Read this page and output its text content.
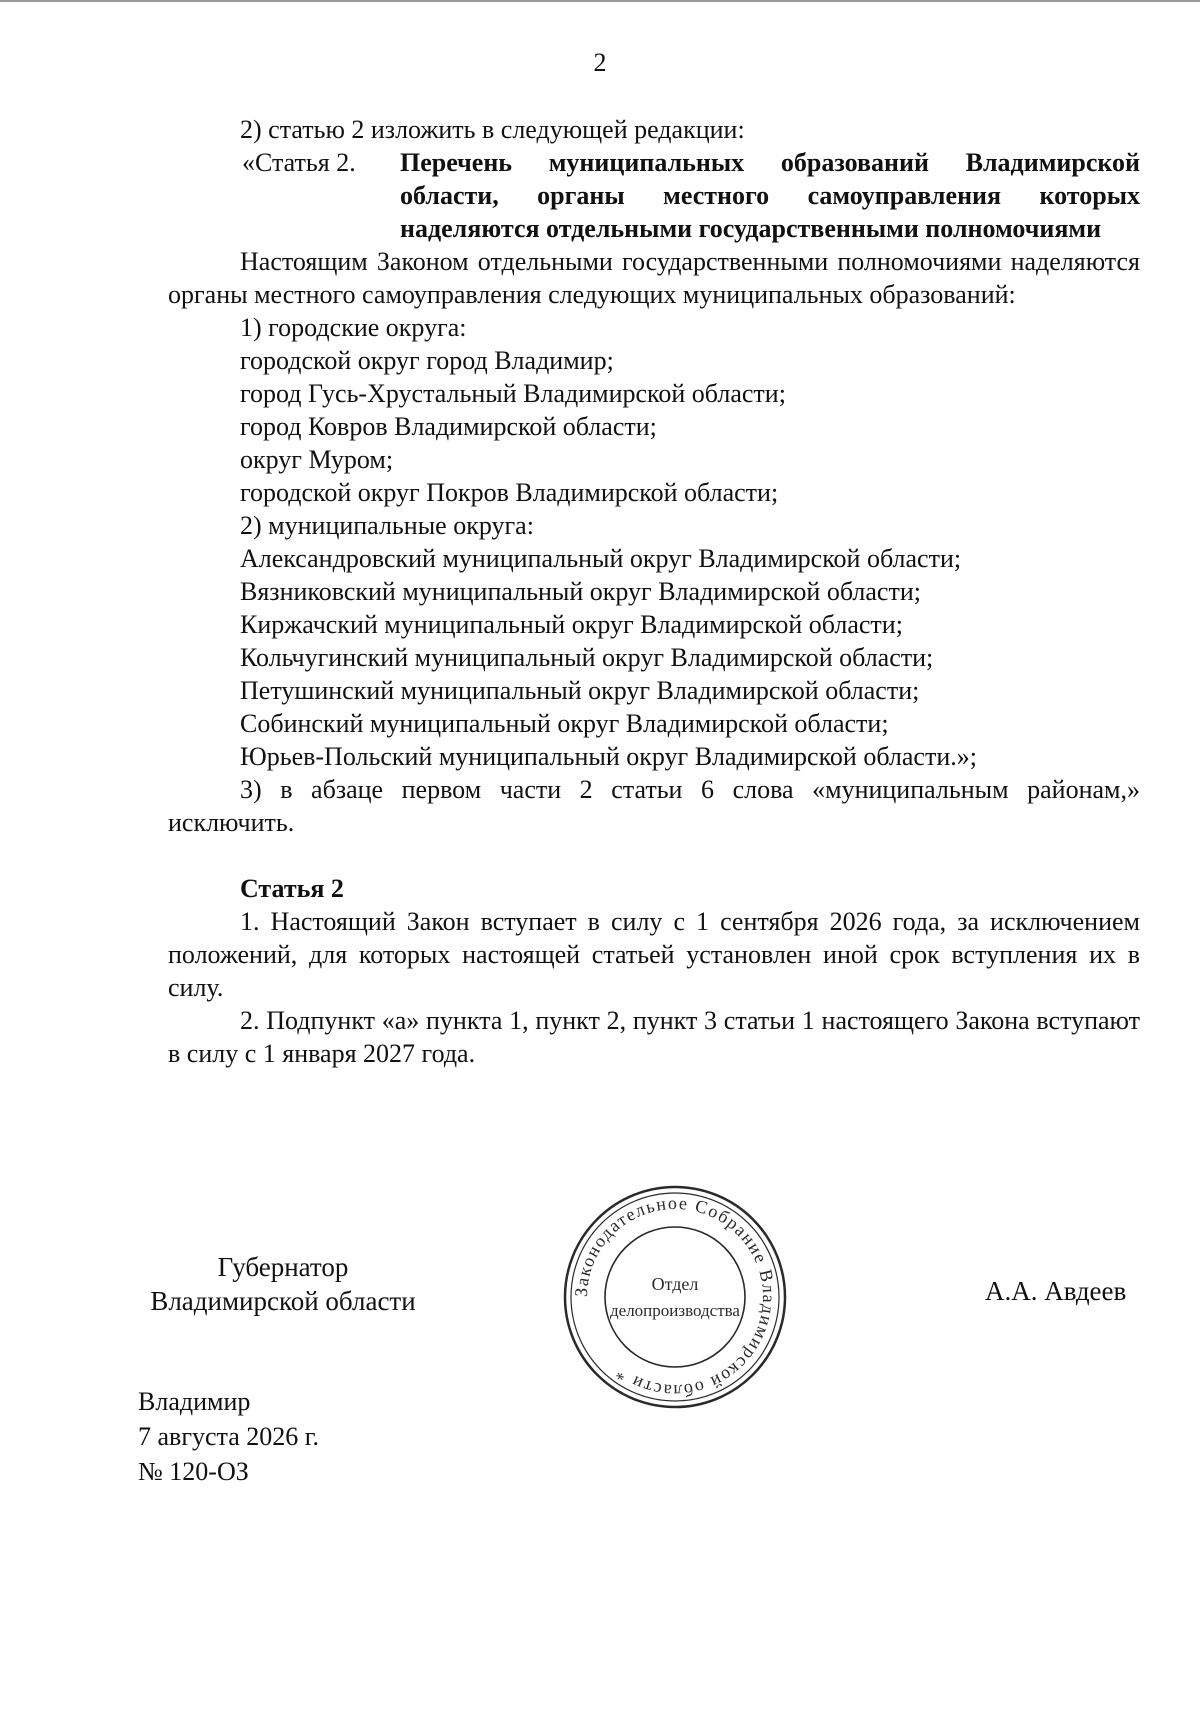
2

2) статью 2 изложить в следующей редакции:

«Статья 2.	Перечень муниципальных образований Владимирской области, органы местного самоуправления которых наделяются отдельными государственными полномочиями

Настоящим Законом отдельными государственными полномочиями наделяются органы местного самоуправления следующих муниципальных образований:

1) городские округа:

городской округ город Владимир;

город Гусь-Хрустальный Владимирской области;

город Ковров Владимирской области;

округ Муром;

городской округ Покров Владимирской области;

2) муниципальные округа:

Александровский муниципальный округ Владимирской области;

Вязниковский муниципальный округ Владимирской области;

Киржачский муниципальный округ Владимирской области;

Кольчугинский муниципальный округ Владимирской области;

Петушинский муниципальный округ Владимирской области;

Собинский муниципальный округ Владимирской области;

Юрьев-Польский муниципальный округ Владимирской области.»;

3) в абзаце первом части 2 статьи 6 слова «муниципальным районам,» исключить.

Статья 2

1. Настоящий Закон вступает в силу с 1 сентября 2026 года, за исключением положений, для которых настоящей статьей установлен иной срок вступления их в силу.

2. Подпункт «а» пункта 1, пункт 2, пункт 3 статьи 1 настоящего Закона вступают в силу с 1 января 2027 года.

Губернатор
Владимирской области	Законодательное Собрание Владимирской области *
Отдел
делопроизводства
А.А. Авдеев
Владимир
7 августа 2026 г.
№ 120-ОЗ
